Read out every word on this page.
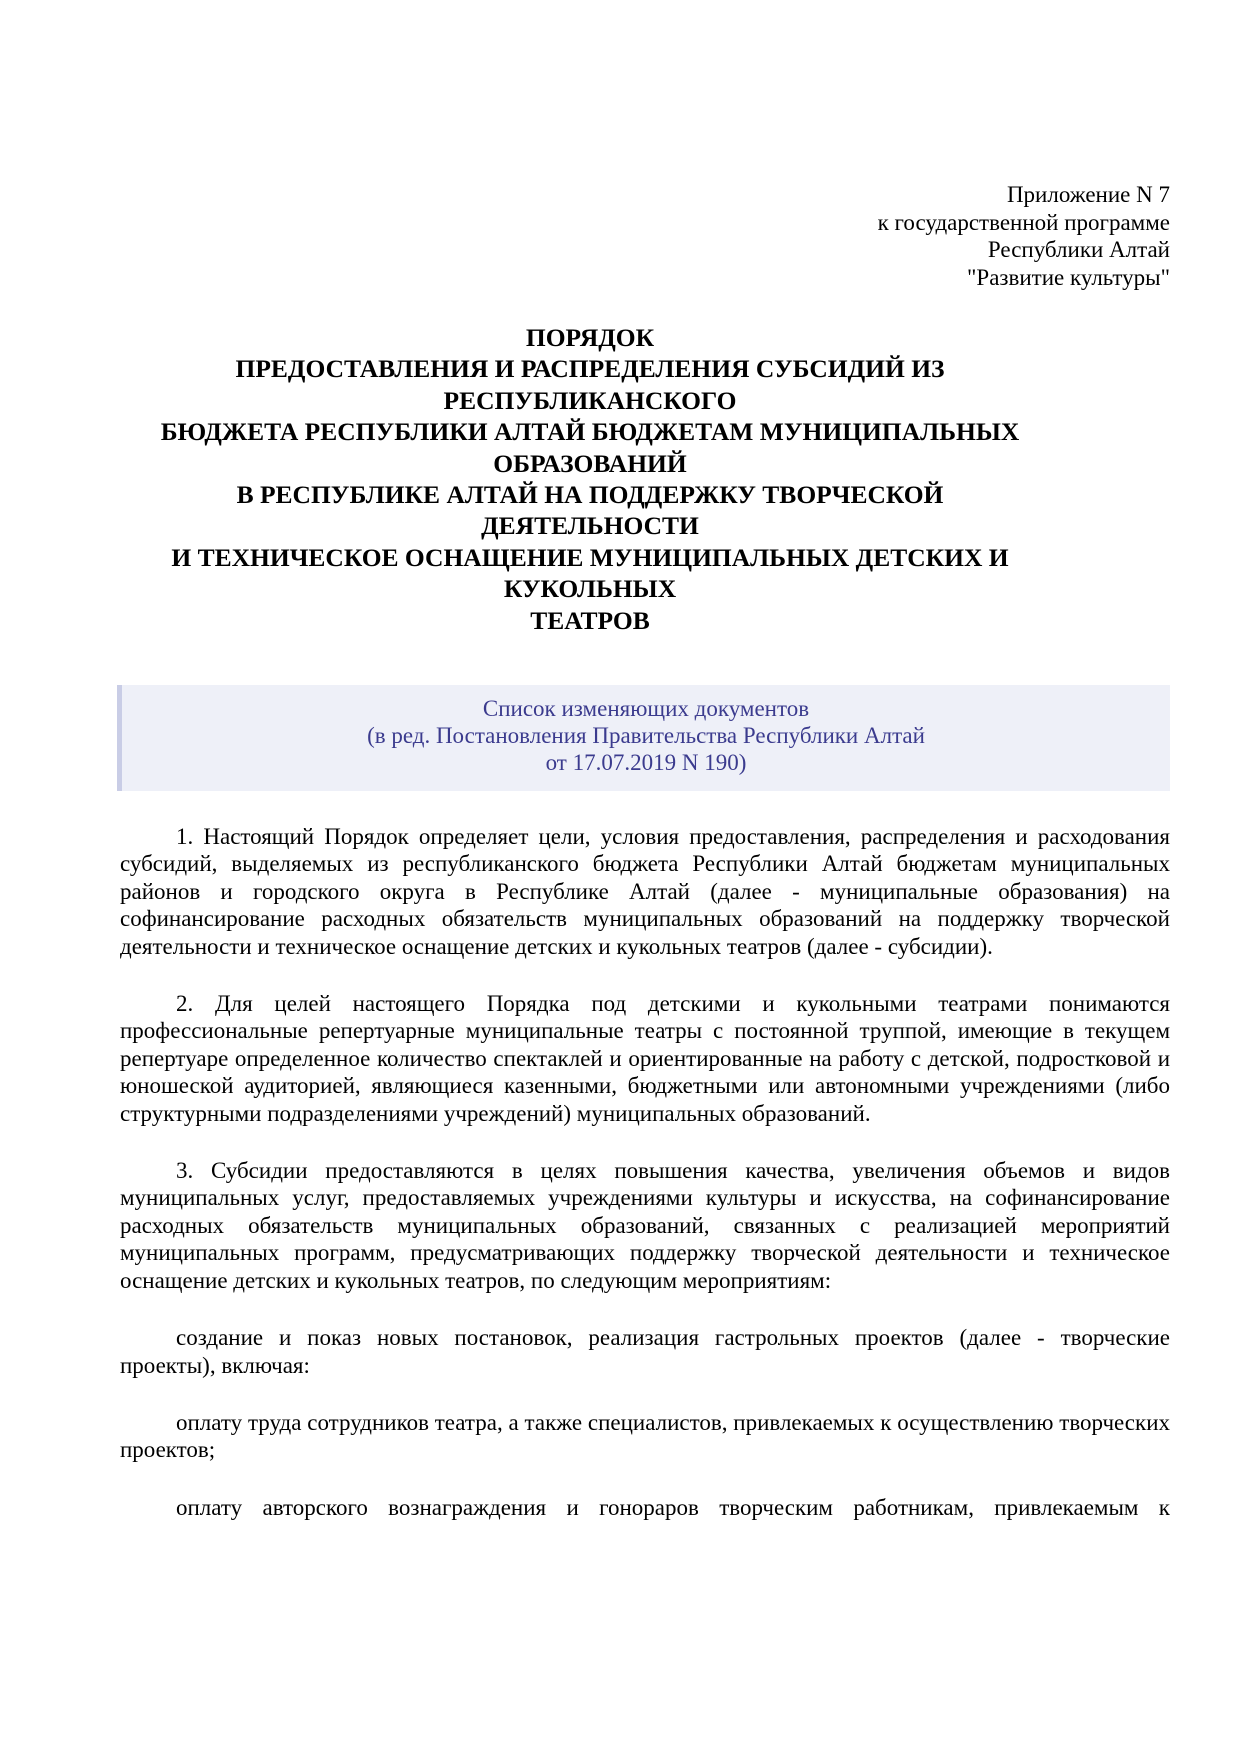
Приложение N 7
к государственной программе
Республики Алтай
"Развитие культуры"
ПОРЯДОК
ПРЕДОСТАВЛЕНИЯ И РАСПРЕДЕЛЕНИЯ СУБСИДИЙ ИЗ
РЕСПУБЛИКАНСКОГО
БЮДЖЕТА РЕСПУБЛИКИ АЛТАЙ БЮДЖЕТАМ МУНИЦИПАЛЬНЫХ
ОБРАЗОВАНИЙ
В РЕСПУБЛИКЕ АЛТАЙ НА ПОДДЕРЖКУ ТВОРЧЕСКОЙ
ДЕЯТЕЛЬНОСТИ
И ТЕХНИЧЕСКОЕ ОСНАЩЕНИЕ МУНИЦИПАЛЬНЫХ ДЕТСКИХ И
КУКОЛЬНЫХ
ТЕАТРОВ
Список изменяющих документов
(в ред. Постановления Правительства Республики Алтай
от 17.07.2019 N 190)

1. Настоящий Порядок определяет цели, условия предоставления, распределения и расходования субсидий, выделяемых из республиканского бюджета Республики Алтай бюджетам муниципальных районов и городского округа в Республике Алтай (далее - муниципальные образования) на софинансирование расходных обязательств муниципальных образований на поддержку творческой деятельности и техническое оснащение детских и кукольных театров (далее - субсидии).

2. Для целей настоящего Порядка под детскими и кукольными театрами понимаются профессиональные репертуарные муниципальные театры с постоянной труппой, имеющие в текущем репертуаре определенное количество спектаклей и ориентированные на работу с детской, подростковой и юношеской аудиторией, являющиеся казенными, бюджетными или автономными учреждениями (либо структурными подразделениями учреждений) муниципальных образований.

3. Субсидии предоставляются в целях повышения качества, увеличения объемов и видов муниципальных услуг, предоставляемых учреждениями культуры и искусства, на софинансирование расходных обязательств муниципальных образований, связанных с реализацией мероприятий муниципальных программ, предусматривающих поддержку творческой деятельности и техническое оснащение детских и кукольных театров, по следующим мероприятиям:

создание и показ новых постановок, реализация гастрольных проектов (далее - творческие проекты), включая:

оплату труда сотрудников театра, а также специалистов, привлекаемых к осуществлению творческих проектов;

оплату авторского вознаграждения и гонораров творческим работникам, привлекаемым к
